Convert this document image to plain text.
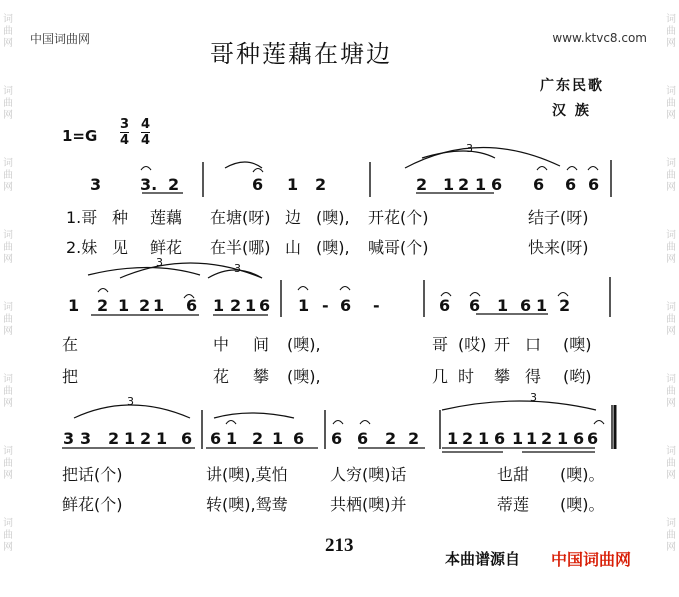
词
曲
网
词
曲
网
词
曲
网
词
曲
网
词
曲
网
词
曲
网
词
曲
网
词
曲
网
词
曲
网
词
曲
网
词
曲
网
词
曲
网
词
曲
网
词
曲
网
词
曲
网
词
曲
网
中国词曲网	www.ktvc8.com
哥种莲藕在塘边
广东民歌
汉 族
1=G
3
4
4
4
3 3. 2	6 1 2	2 1 2 1 6 6 6 6
1 2 1 2 1 6 1 2 1 6 1 - 6 -	6 6 1 6 1 2
3 3 2 1 2 1 6 6 1 2 1 6 6 6 2 2 1 2 1 6 1 1 2 1 6 6
3
3	3
3	3
1.哥 种 莲藕 在塘(呀) 边 (噢), 开花(个)	结子(呀)
2.妹 见 鲜花 在半(哪) 山 (噢), 喊哥(个)	快来(呀)
在	中 间 (噢),	哥 (哎) 开 口 (噢)
把	花 攀 (噢),	几 时 攀 得 (哟)
把话(个)	讲(噢),莫怕	人穷(噢)话	也甜 (噢)。
鲜花(个)	转(噢),鸳鸯	共栖(噢)并	蒂莲 (噢)。
213
本曲谱源自 中国词曲网
